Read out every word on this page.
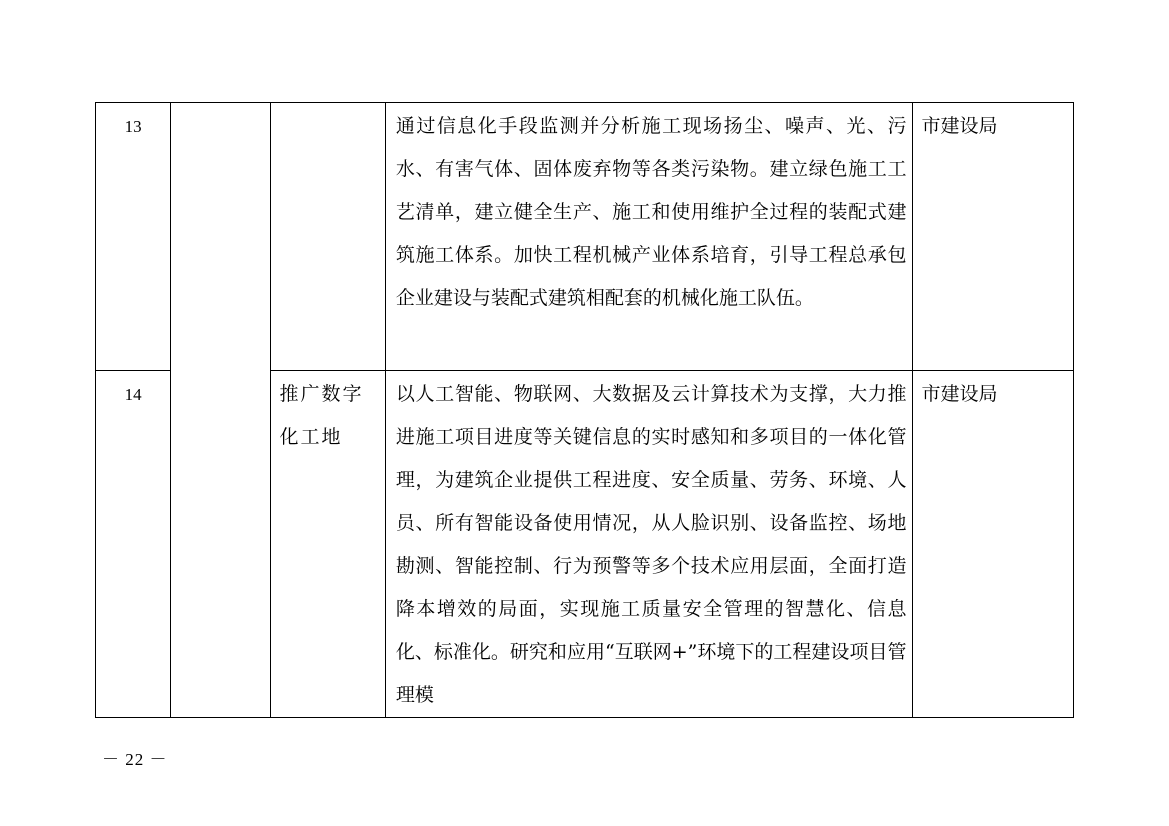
13			通过信息化手段监测并分析施工现场扬尘、噪声、光、污水、有害气体、固体废弃物等各类污染物。建立绿色施工工艺清单，建立健全生产、施工和使用维护全过程的装配式建筑施工体系。加快工程机械产业体系培育，引导工程总承包企业建设与装配式建筑相配套的机械化施工队伍。	市建设局
14		推广数字化工地	以人工智能、物联网、大数据及云计算技术为支撑，大力推进施工项目进度等关键信息的实时感知和多项目的一体化管理，为建筑企业提供工程进度、安全质量、劳务、环境、人员、所有智能设备使用情况，从人脸识别、设备监控、场地勘测、智能控制、行为预警等多个技术应用层面，全面打造降本增效的局面，实现施工质量安全管理的智慧化、信息化、标准化。研究和应用“互联网+”环境下的工程建设项目管理模	市建设局
－ 22 －
